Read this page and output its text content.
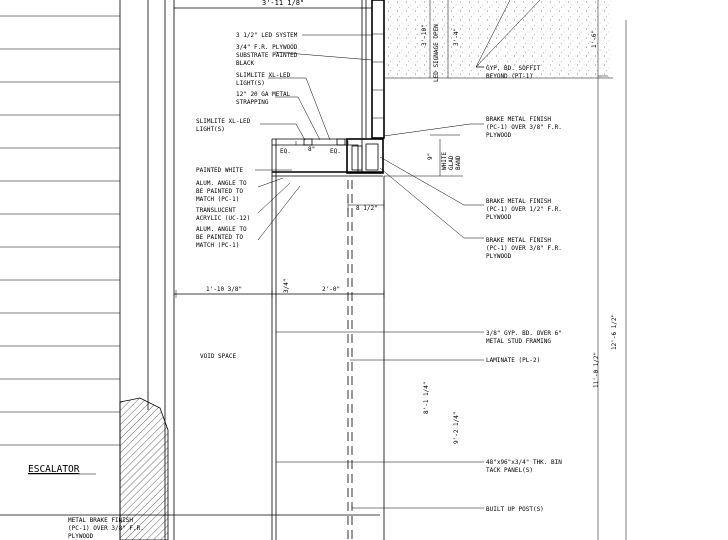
3'-11 1/8"
3 1/2" LED SYSTEM
3/4" F.R. PLYWOOD
SUBSTRATE PAINTED
BLACK
SLIMLITE XL-LED
LIGHT(S)
12" 20 GA METAL
STRAPPING
SLIMLITE XL-LED
LIGHT(S)
EQ.	8" EQ.
PAINTED WHITE
ALUM. ANGLE TO
BE PAINTED TO
MATCH (PC-1)
TRANSLUCENT
ACRYLIC (UC-12)
ALUM. ANGLE TO
BE PAINTED TO
MATCH (PC-1)
8 1/2"
1'-10 3/8"	2'-0"
3/4"
VOID SPACE
ESCALATOR
METAL BRAKE FINISH
(PC-1) OVER 3/8" F.R.
PLYWOOD
LED SIGNAGE OPEN
3'-10"	3'-4"	1'-6"
9" WHITE GLAD BAND
8'-1 1/4"
9'-2 1/4"
12'-6 1/2"
11'-0 1/2"
GYP. BD. SOFFIT
BEYOND (PT-1)
BRAKE METAL FINISH
(PC-1) OVER 3/8" F.R.
PLYWOOD
BRAKE METAL FINISH
(PC-1) OVER 1/2" F.R.
PLYWOOD
BRAKE METAL FINISH
(PC-1) OVER 3/8" F.R.
PLYWOOD
3/8" GYP. BD. OVER 6"
METAL STUD FRAMING
LAMINATE (PL-2)
48"x96"x3/4" THK. BIN
TACK PANEL(S)
BUILT UP POST(S)
